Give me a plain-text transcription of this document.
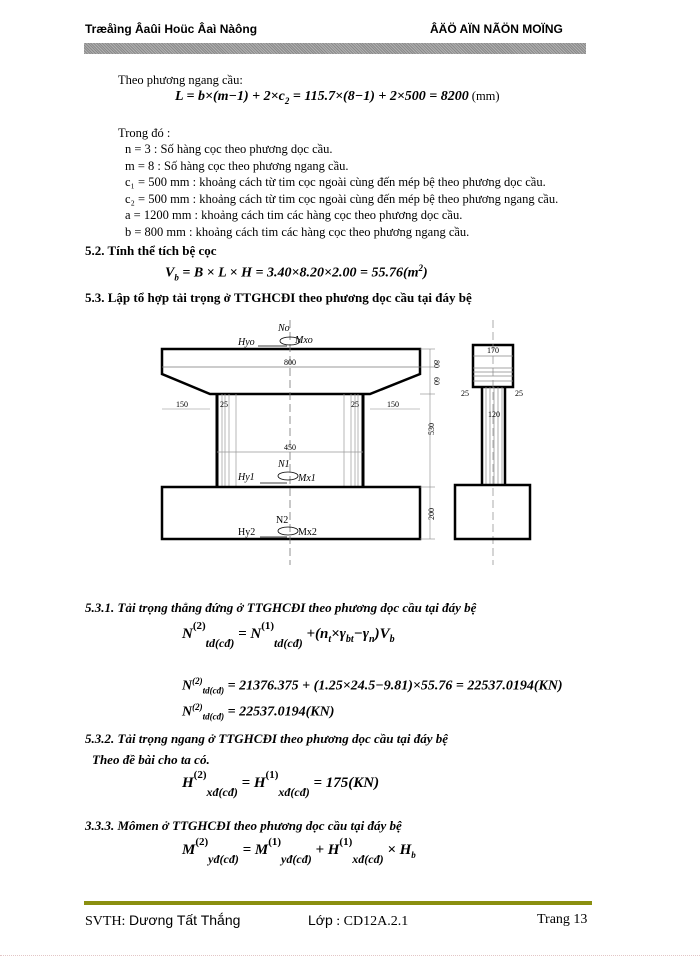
Træåìng Âaûi Hoüc Âaì Nàông	ÂÄÖ AÏN NÃÖN MOÏNG
Theo phương ngang cầu:
$L = b\times(m-1) + 2\times c_2 = 115.7\times(8-1) + 2\times 500 = 8200$ (mm)
Trong đó :
n = 3 : Số hàng cọc theo phương dọc cầu.
m = 8 : Số hàng cọc theo phương ngang cầu.
c₁ = 500 mm : khoảng cách từ tim cọc ngoài cùng đến mép bệ theo phương dọc cầu.
c₂ = 500 mm : khoảng cách từ tim cọc ngoài cùng đến mép bệ theo phương ngang cầu.
a = 1200 mm : khoảng cách tim các hàng cọc theo phương dọc cầu.
b = 800 mm : khoảng cách tim các hàng cọc theo phương ngang cầu.
5.2. Tính thể tích bệ cọc
$V_b = B \times L \times H = 3.40\times 8.20\times 2.00 = 55.76(m^2)$
5.3. Lập tổ hợp tải trọng ở TTGHCĐI theo phương dọc cầu tại đáy bệ
No
Mxo
Hyo
N1
Mx1
Hy1
N2
Mx2
Hy2
800
150	150
25	25
450
80
60
530
200
170
25	25
120
5.3.1. Tải trọng thẳng đứng ở TTGHCĐI theo phương dọc cầu tại đáy bệ
N (2)
td(cđ)
= N (1)
td(cđ)
$+(n_t\times\gamma_{bt}-\gamma_n)V_b$
$N^{(2)}_{td(cđ)} = 21376.375 + (1.25\times 24.5-9.81)\times 55.76 = 22537.0194(KN)$
$N^{(2)}_{td(cđ)} = 22537.0194(KN)$
5.3.2. Tải trọng ngang ở TTGHCĐI theo phương dọc cầu tại đáy bệ
Theo đề bài cho ta có.
H (2)
xđ(cđ)
= H (1)
xđ(cđ)
= 175(KN)
3.3.3. Mômen ở TTGHCĐI theo phương dọc cầu tại đáy bệ
M (2)
yđ(cđ)
= M (1)
yđ(cđ)
+ H (1)
xđ(cđ)
× $H_b$
SVTH: Dương Tất Thắng	Lớp : CD12A.2.1	Trang 13
